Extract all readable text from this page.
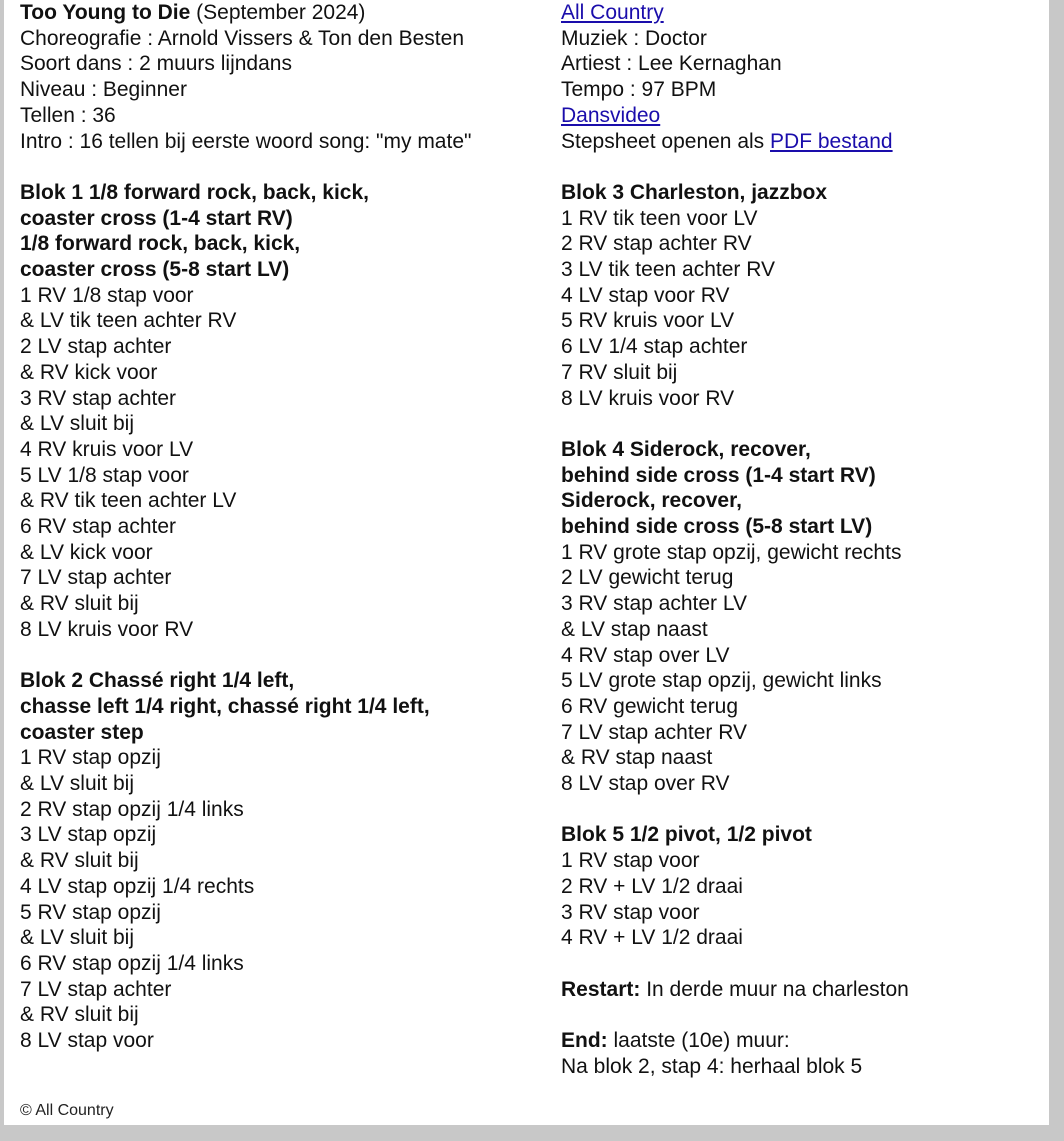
Too Young to Die (September 2024)
Choreografie : Arnold Vissers & Ton den Besten
Soort dans : 2 muurs lijndans
Niveau : Beginner
Tellen : 36
Intro : 16 tellen bij eerste woord song: "my mate"
Blok 1 1/8 forward rock, back, kick,
coaster cross (1-4 start RV)
1/8 forward rock, back, kick,
coaster cross (5-8 start LV)
1 RV 1/8 stap voor
& LV tik teen achter RV
2 LV stap achter
& RV kick voor
3 RV stap achter
& LV sluit bij
4 RV kruis voor LV
5 LV 1/8 stap voor
& RV tik teen achter LV
6 RV stap achter
& LV kick voor
7 LV stap achter
& RV sluit bij
8 LV kruis voor RV
Blok 2 Chassé right 1/4 left,
chasse left 1/4 right, chassé right 1/4 left,
coaster step
1 RV stap opzij
& LV sluit bij
2 RV stap opzij 1/4 links
3 LV stap opzij
& RV sluit bij
4 LV stap opzij 1/4 rechts
5 RV stap opzij
& LV sluit bij
6 RV stap opzij 1/4 links
7 LV stap achter
& RV sluit bij
8 LV stap voor
All Country
Muziek : Doctor
Artiest : Lee Kernaghan
Tempo : 97 BPM
Dansvideo
Stepsheet openen als PDF bestand
Blok 3 Charleston, jazzbox
1 RV tik teen voor LV
2 RV stap achter RV
3 LV tik teen achter RV
4 LV stap voor RV
5 RV kruis voor LV
6 LV 1/4 stap achter
7 RV sluit bij
8 LV kruis voor RV
Blok 4 Siderock, recover,
behind side cross (1-4 start RV)
Siderock, recover,
behind side cross (5-8 start LV)
1 RV grote stap opzij, gewicht rechts
2 LV gewicht terug
3 RV stap achter LV
& LV stap naast
4 RV stap over LV
5 LV grote stap opzij, gewicht links
6 RV gewicht terug
7 LV stap achter RV
& RV stap naast
8 LV stap over RV
Blok 5 1/2 pivot, 1/2 pivot
1 RV stap voor
2 RV + LV 1/2 draai
3 RV stap voor
4 RV + LV 1/2 draai
Restart: In derde muur na charleston
End: laatste (10e) muur:
Na blok 2, stap 4: herhaal blok 5
© All Country
